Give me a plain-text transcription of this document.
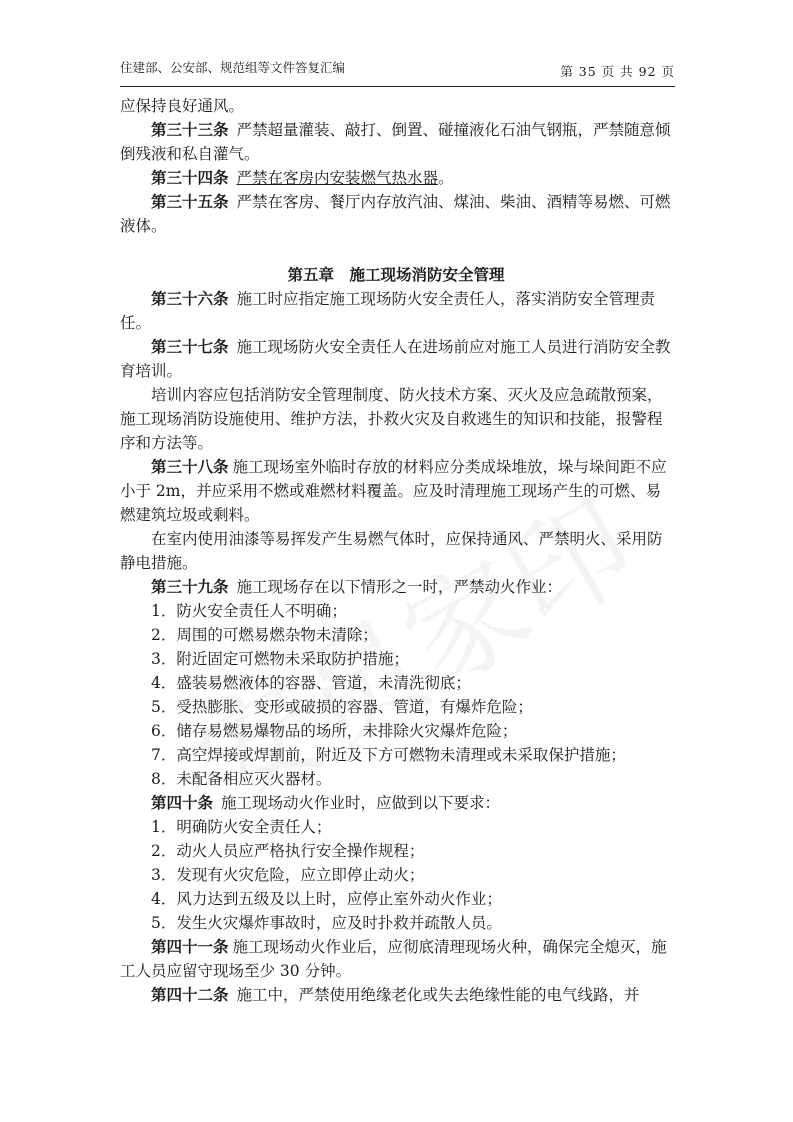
住建部、公安部、规范组等文件答复汇编	第 35 页 共 92 页

应保持良好通风。

第三十三条 严禁超量灌装、敲打、倒置、碰撞液化石油气钢瓶，严禁随意倾倒残液和私自灌气。

第三十四条 严禁在客房内安装燃气热水器。

第三十五条 严禁在客房、餐厅内存放汽油、煤油、柴油、酒精等易燃、可燃液体。

第五章　施工现场消防安全管理

第三十六条 施工时应指定施工现场防火安全责任人，落实消防安全管理责任。

第三十七条 施工现场防火安全责任人在进场前应对施工人员进行消防安全教育培训。

培训内容应包括消防安全管理制度、防火技术方案、灭火及应急疏散预案，施工现场消防设施使用、维护方法，扑救火灾及自救逃生的知识和技能，报警程序和方法等。

第三十八条 施工现场室外临时存放的材料应分类成垛堆放，垛与垛间距不应小于 2m，并应采用不燃或难燃材料覆盖。应及时清理施工现场产生的可燃、易燃建筑垃圾或剩料。

在室内使用油漆等易挥发产生易燃气体时，应保持通风、严禁明火、采用防静电措施。

第三十九条 施工现场存在以下情形之一时，严禁动火作业：

1．防火安全责任人不明确；

2．周围的可燃易燃杂物未清除；

3．附近固定可燃物未采取防护措施；

4．盛装易燃液体的容器、管道，未清洗彻底；

5．受热膨胀、变形或破损的容器、管道，有爆炸危险；

6．储存易燃易爆物品的场所，未排除火灾爆炸危险；

7．高空焊接或焊割前，附近及下方可燃物未清理或未采取保护措施；

8．未配备相应灭火器材。

第四十条 施工现场动火作业时，应做到以下要求：

1．明确防火安全责任人；

2．动火人员应严格执行安全操作规程；

3．发现有火灾危险，应立即停止动火；

4．风力达到五级及以上时，应停止室外动火作业；

5．发生火灾爆炸事故时，应及时扑救并疏散人员。

第四十一条 施工现场动火作业后，应彻底清理现场火种，确保完全熄灭，施工人员应留守现场至少 30 分钟。

第四十二条 施工中，严禁使用绝缘老化或失去绝缘性能的电气线路，并
